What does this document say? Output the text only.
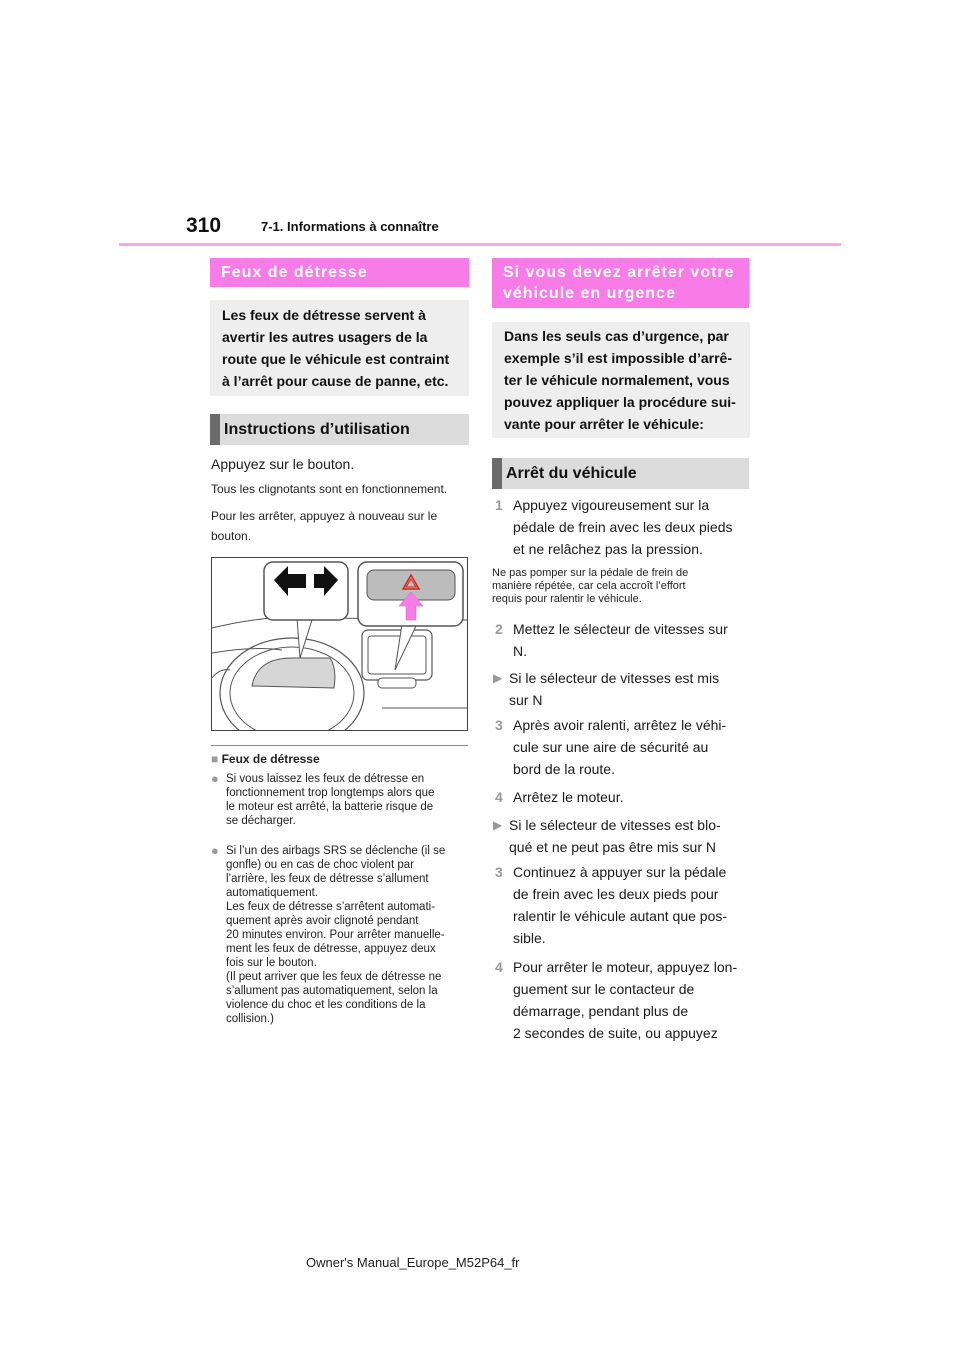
310	7-1. Informations à connaître
Feux de détresse
Les feux de détresse servent à
avertir les autres usagers de la
route que le véhicule est contraint
à l’arrêt pour cause de panne, etc.
Instructions d’utilisation
Appuyez sur le bouton.
Tous les clignotants sont en fonctionnement.
Pour les arrêter, appuyez à nouveau sur le
bouton.
■ Feux de détresse
● Si vous laissez les feux de détresse en
fonctionnement trop longtemps alors que
le moteur est arrêté, la batterie risque de
se décharger.
● Si l’un des airbags SRS se déclenche (il se
gonfle) ou en cas de choc violent par
l’arrière, les feux de détresse s’allument
automatiquement.
Les feux de détresse s’arrêtent automati-
quement après avoir clignoté pendant
20 minutes environ. Pour arrêter manuelle-
ment les feux de détresse, appuyez deux
fois sur le bouton.
(Il peut arriver que les feux de détresse ne
s’allument pas automatiquement, selon la
violence du choc et les conditions de la
collision.)
Si vous devez arrêter votre
véhicule en urgence
Dans les seuls cas d’urgence, par
exemple s’il est impossible d’arrê-
ter le véhicule normalement, vous
pouvez appliquer la procédure sui-
vante pour arrêter le véhicule:
Arrêt du véhicule
1 Appuyez vigoureusement sur la
pédale de frein avec les deux pieds
et ne relâchez pas la pression.
Ne pas pomper sur la pédale de frein de
manière répétée, car cela accroît l’effort
requis pour ralentir le véhicule.
2 Mettez le sélecteur de vitesses sur
N.
▶ Si le sélecteur de vitesses est mis
sur N
3 Après avoir ralenti, arrêtez le véhi-
cule sur une aire de sécurité au
bord de la route.
4 Arrêtez le moteur.
▶ Si le sélecteur de vitesses est blo-
qué et ne peut pas être mis sur N
3 Continuez à appuyer sur la pédale
de frein avec les deux pieds pour
ralentir le véhicule autant que pos-
sible.
4 Pour arrêter le moteur, appuyez lon-
guement sur le contacteur de
démarrage, pendant plus de
2 secondes de suite, ou appuyez
Owner's Manual_Europe_M52P64_fr
